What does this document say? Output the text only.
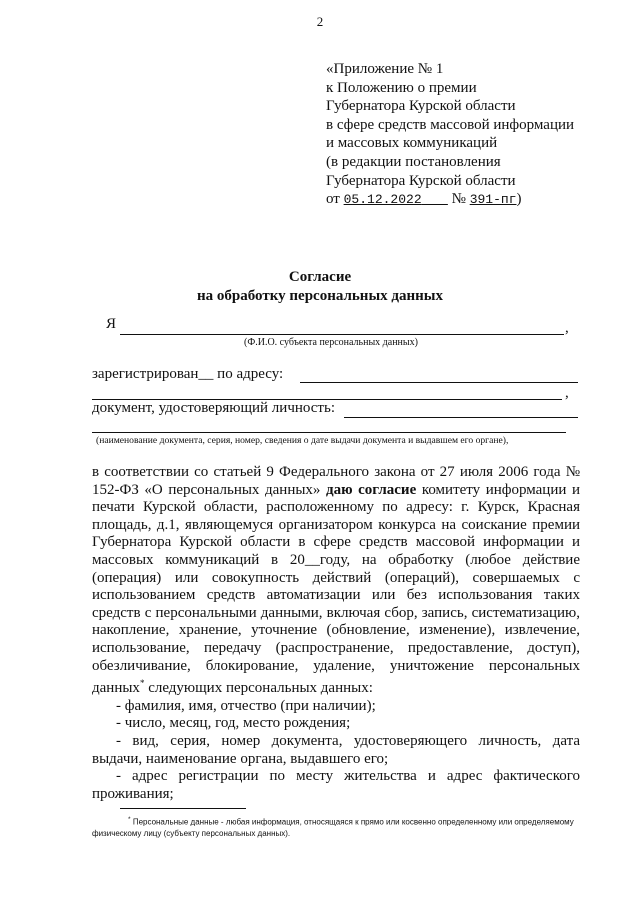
2
«Приложение № 1
к Положению о премии
Губернатора Курской области
в сфере средств массовой информации
и массовых коммуникаций
(в редакции постановления
Губернатора Курской области
от 05.12.2022 № 391-пг)
Согласие
на обработку персональных данных
Я	,
(Ф.И.О. субъекта персональных данных)
зарегистрирован__ по адресу:
,
документ, удостоверяющий личность:
(наименование документа, серия, номер, сведения о дате выдачи документа и выдавшем его органе),

в соответствии со статьей 9 Федерального закона от 27 июля 2006 года № 152-ФЗ «О персональных данных» даю согласие комитету информации и печати Курской области, расположенному по адресу: г. Курск, Красная площадь, д.1, являющемуся организатором конкурса на соискание премии Губернатора Курской области в сфере средств массовой информации и массовых коммуникаций в 20__году, на обработку (любое действие (операция) или совокупность действий (операций), совершаемых с использованием средств автоматизации или без использования таких средств с персональными данными, включая сбор, запись, систематизацию, накопление, хранение, уточнение (обновление, изменение), извлечение, использование, передачу (распространение, предоставление, доступ), обезличивание, блокирование, удаление, уничтожение персональных данных* следующих персональных данных:

- фамилия, имя, отчество (при наличии);

- число, месяц, год, место рождения;

- вид, серия, номер документа, удостоверяющего личность, дата выдачи, наименование органа, выдавшего его;

- адрес регистрации по месту жительства и адрес фактического проживания;

* Персональные данные - любая информация, относящаяся к прямо или косвенно определенному или определяемому физическому лицу (субъекту персональных данных).
